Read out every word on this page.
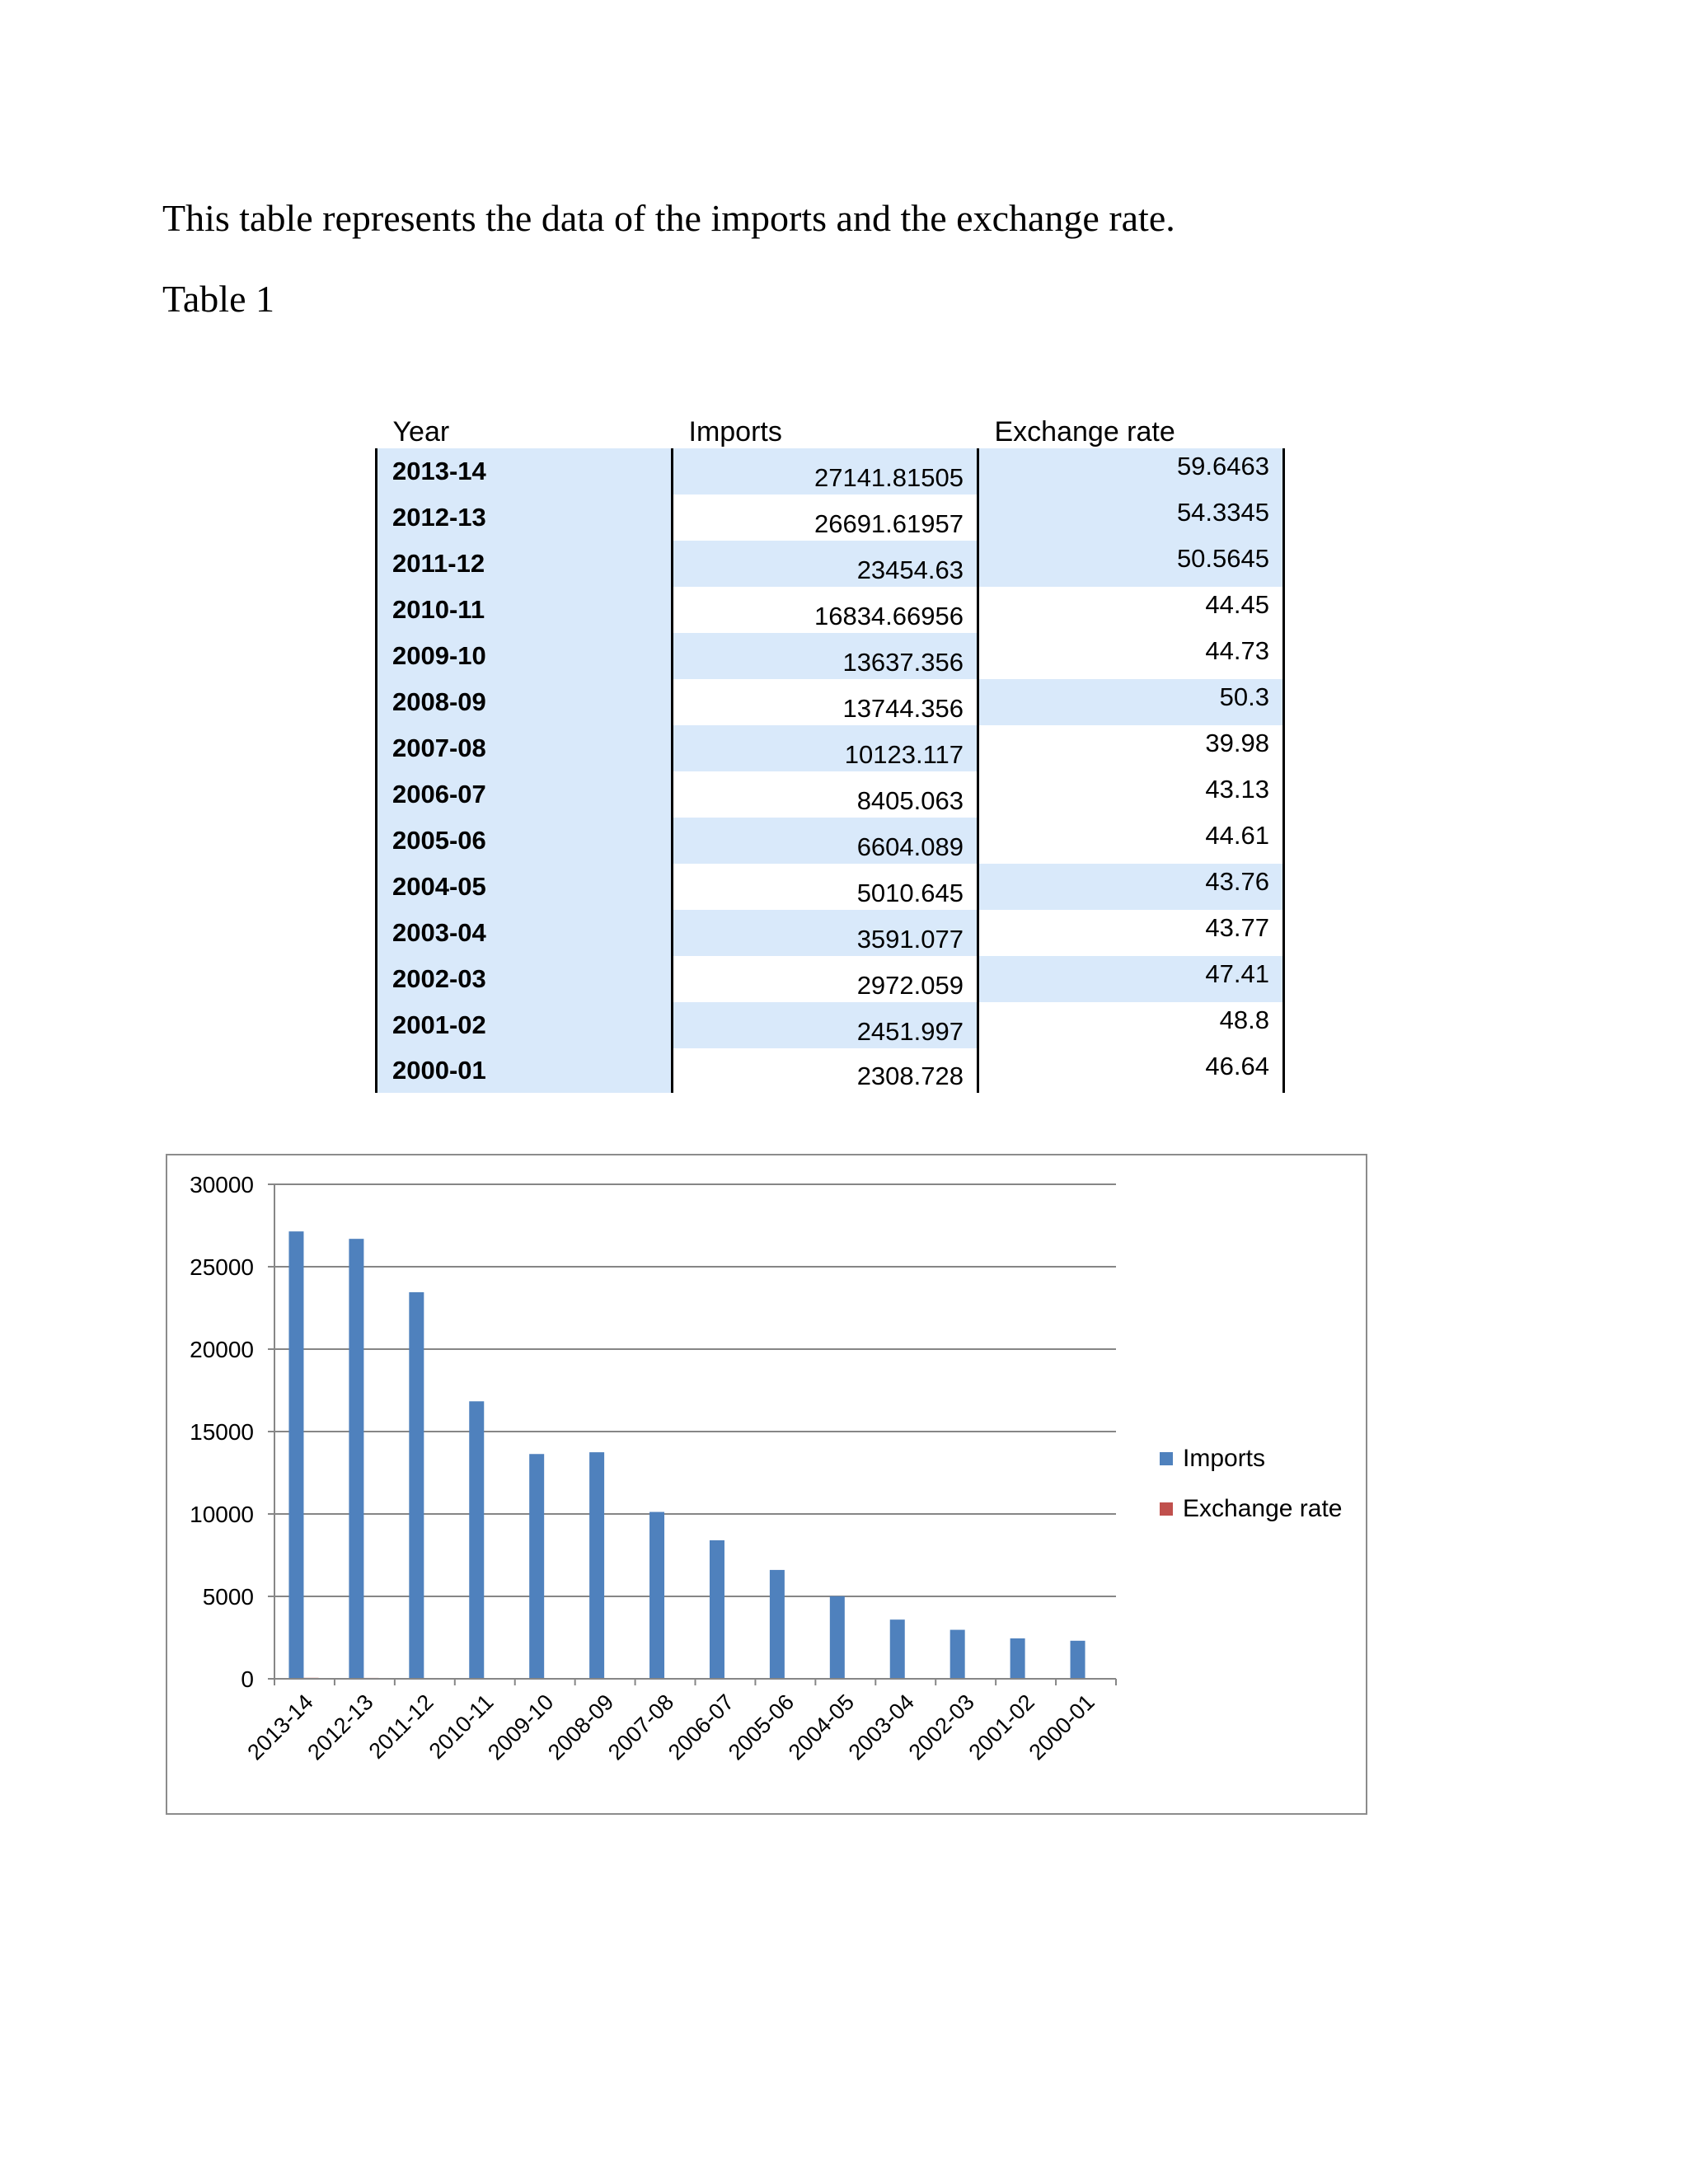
This table represents the data of the imports and the exchange rate.

Table 1

Year	Imports	Exchange rate
2013-14	27141.81505	59.6463
2012-13	26691.61957	54.3345
2011-12	23454.63	50.5645
2010-11	16834.66956	44.45
2009-10	13637.356	44.73
2008-09	13744.356	50.3
2007-08	10123.117	39.98
2006-07	8405.063	43.13
2005-06	6604.089	44.61
2004-05	5010.645	43.76
2003-04	3591.077	43.77
2002-03	2972.059	47.41
2001-02	2451.997	48.8
2000-01	2308.728	46.64
0
5000
10000
15000
20000
25000
30000
2013-14
2012-13
2011-12
2010-11
2009-10
2008-09
2007-08
2006-07
2005-06
2004-05
2003-04
2002-03
2001-02
2000-01
Imports
Exchange rate
